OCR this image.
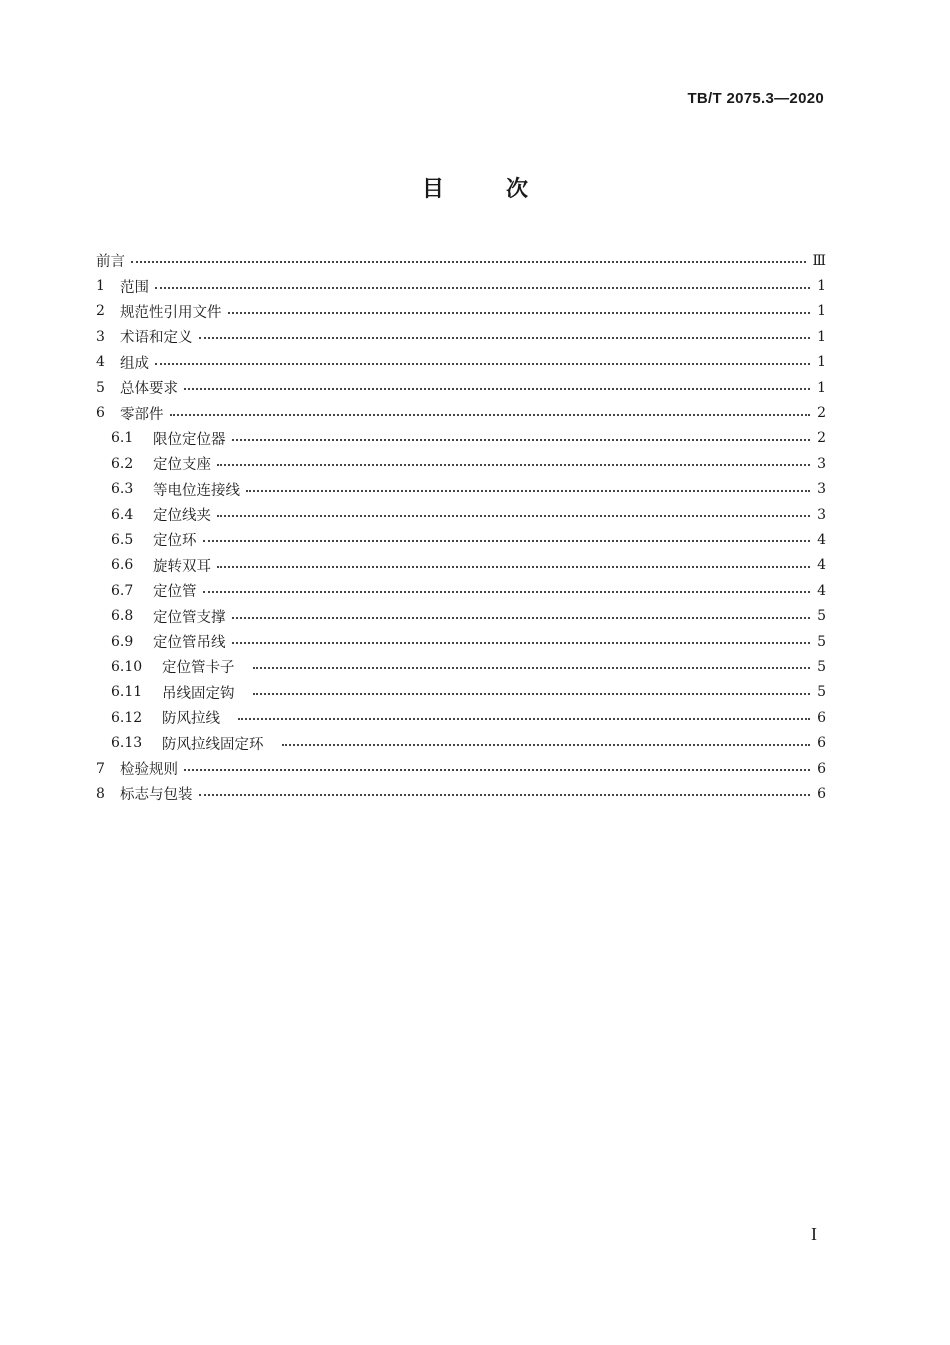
TB/T 2075.3—2020
目	次
前言	Ⅲ
1	范围	1
2	规范性引用文件	1
3	术语和定义	1
4	组成	1
5	总体要求	1
6	零部件	2
6.1	限位定位器	2
6.2	定位支座	3
6.3	等电位连接线	3
6.4	定位线夹	3
6.5	定位环	4
6.6	旋转双耳	4
6.7	定位管	4
6.8	定位管支撑	5
6.9	定位管吊线	5
6.10	定位管卡子	5
6.11	吊线固定钩	5
6.12	防风拉线	6
6.13	防风拉线固定环	6
7	检验规则	6
8	标志与包装	6
I
